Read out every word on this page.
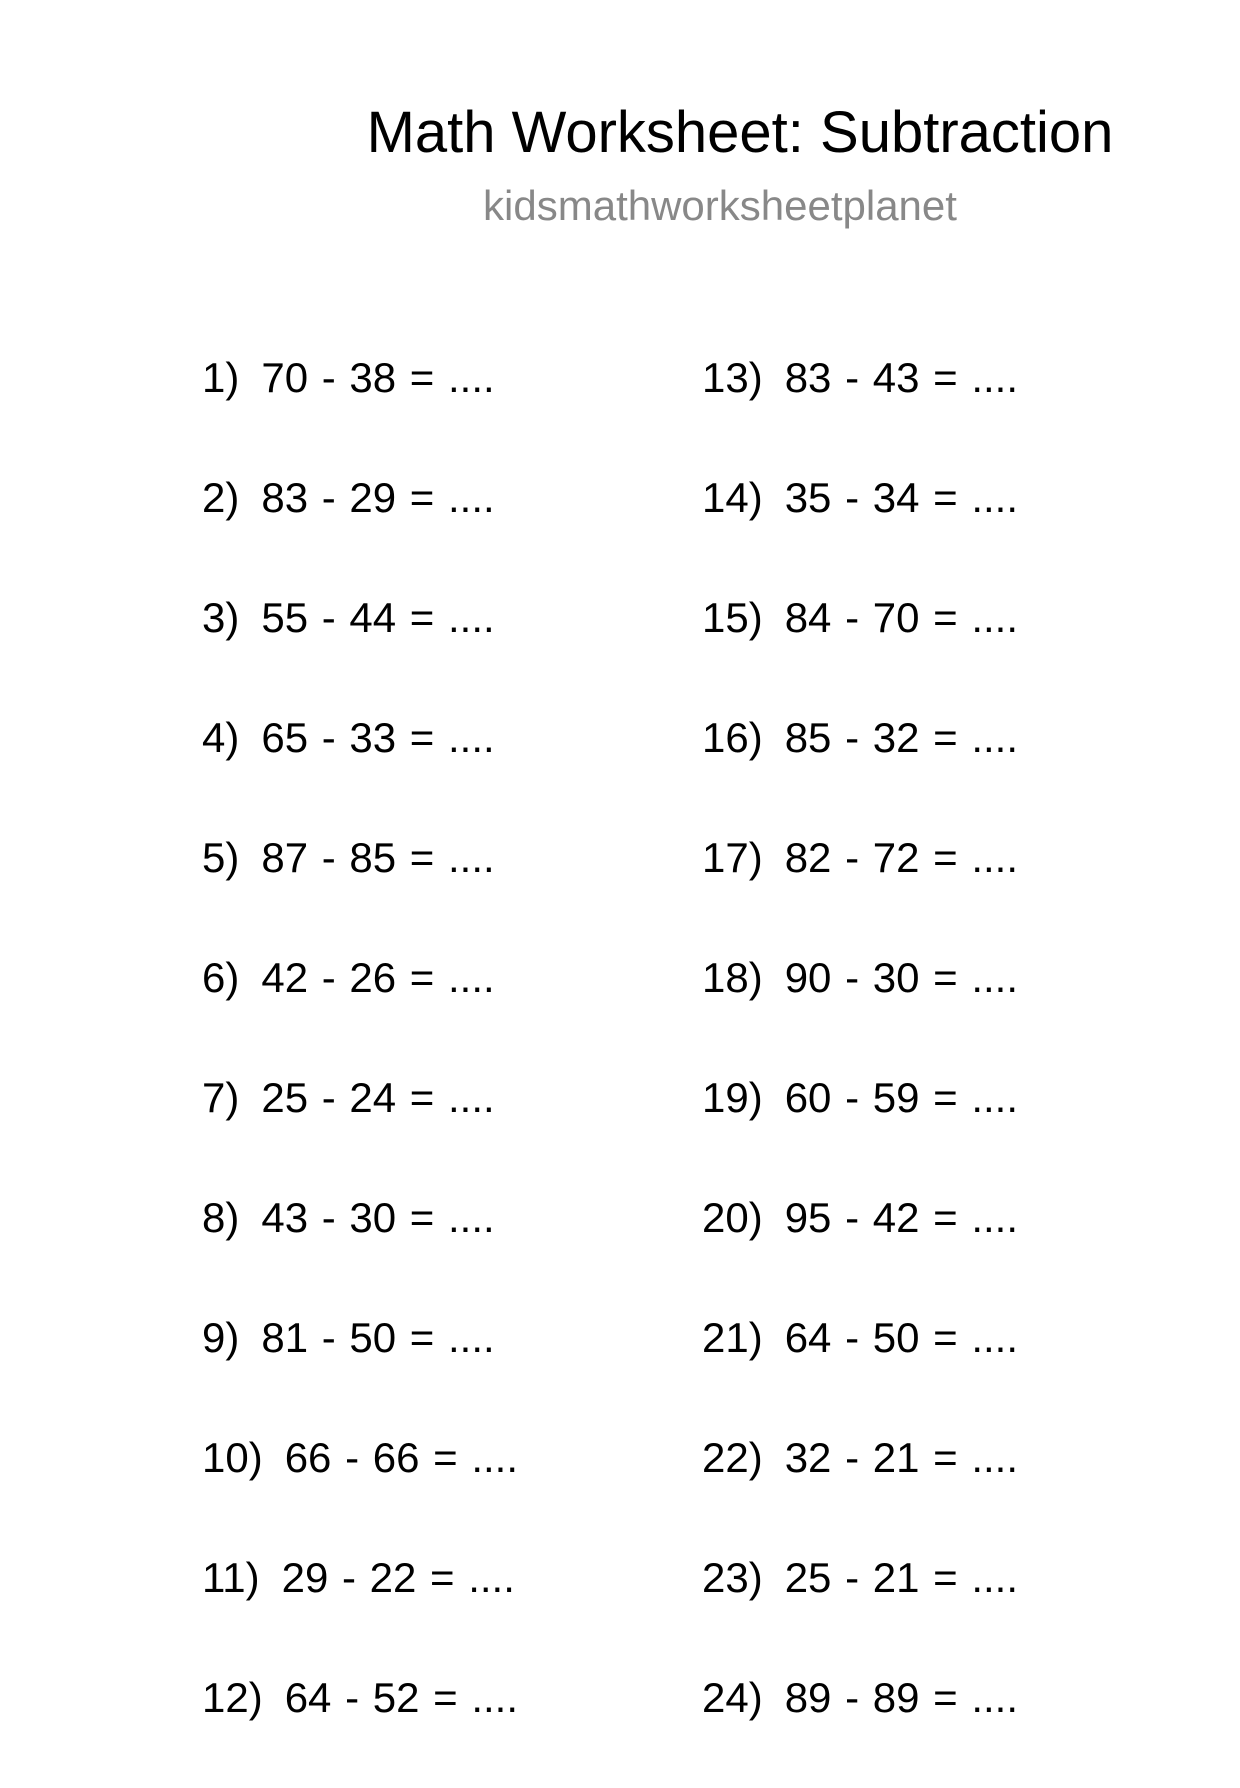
Math Worksheet: Subtraction
kidsmathworksheetplanet
1) 70 - 38 = ....
2) 83 - 29 = ....
3) 55 - 44 = ....
4) 65 - 33 = ....
5) 87 - 85 = ....
6) 42 - 26 = ....
7) 25 - 24 = ....
8) 43 - 30 = ....
9) 81 - 50 = ....
10) 66 - 66 = ....
11) 29 - 22 = ....
12) 64 - 52 = ....
13) 83 - 43 = ....
14) 35 - 34 = ....
15) 84 - 70 = ....
16) 85 - 32 = ....
17) 82 - 72 = ....
18) 90 - 30 = ....
19) 60 - 59 = ....
20) 95 - 42 = ....
21) 64 - 50 = ....
22) 32 - 21 = ....
23) 25 - 21 = ....
24) 89 - 89 = ....
